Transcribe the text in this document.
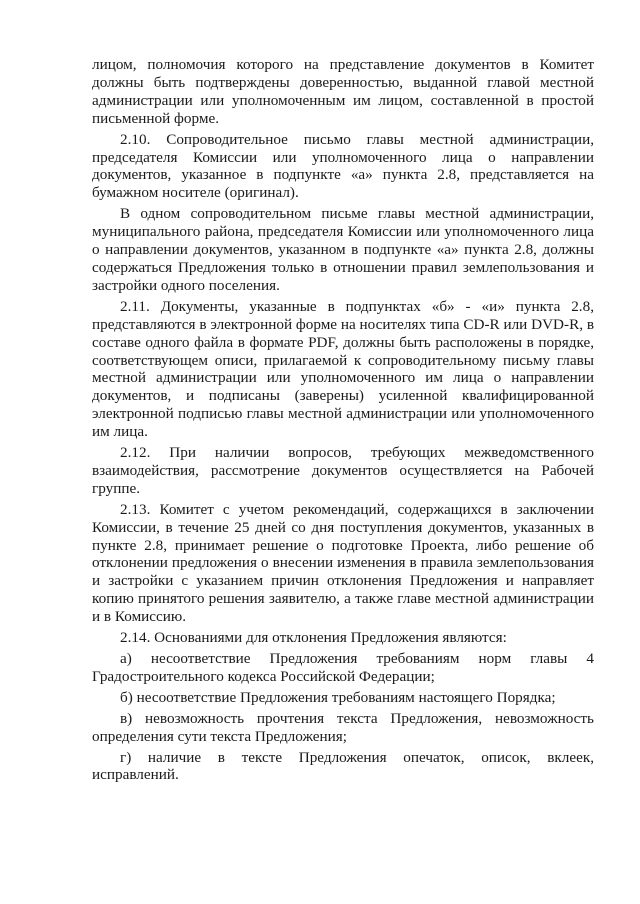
лицом, полномочия которого на представление документов в Комитет должны быть подтверждены доверенностью, выданной главой местной администрации или уполномоченным им лицом, составленной в простой письменной форме.

2.10. Сопроводительное письмо главы местной администрации, председателя Комиссии или уполномоченного лица о направлении документов, указанное в подпункте «а» пункта 2.8, представляется на бумажном носителе (оригинал).

В одном сопроводительном письме главы местной администрации, муниципального района, председателя Комиссии или уполномоченного лица о направлении документов, указанном в подпункте «а» пункта 2.8, должны содержаться Предложения только в отношении правил землепользования и застройки одного поселения.

2.11. Документы, указанные в подпунктах «б» - «и» пункта 2.8, представляются в электронной форме на носителях типа CD-R или DVD-R, в составе одного файла в формате PDF, должны быть расположены в порядке, соответствующем описи, прилагаемой к сопроводительному письму главы местной администрации или уполномоченного им лица о направлении документов, и подписаны (заверены) усиленной квалифицированной электронной подписью главы местной администрации или уполномоченного им лица.

2.12. При наличии вопросов, требующих межведомственного взаимодействия, рассмотрение документов осуществляется на Рабочей группе.

2.13. Комитет с учетом рекомендаций, содержащихся в заключении Комиссии, в течение 25 дней со дня поступления документов, указанных в пункте 2.8, принимает решение о подготовке Проекта, либо решение об отклонении предложения о внесении изменения в правила землепользования и застройки с указанием причин отклонения Предложения и направляет копию принятого решения заявителю, а также главе местной администрации и в Комиссию.

2.14. Основаниями для отклонения Предложения являются:

а) несоответствие Предложения требованиям норм главы 4 Градостроительного кодекса Российской Федерации;

б) несоответствие Предложения требованиям настоящего Порядка;

в) невозможность прочтения текста Предложения, невозможность определения сути текста Предложения;

г) наличие в тексте Предложения опечаток, описок, вклеек, исправлений.
